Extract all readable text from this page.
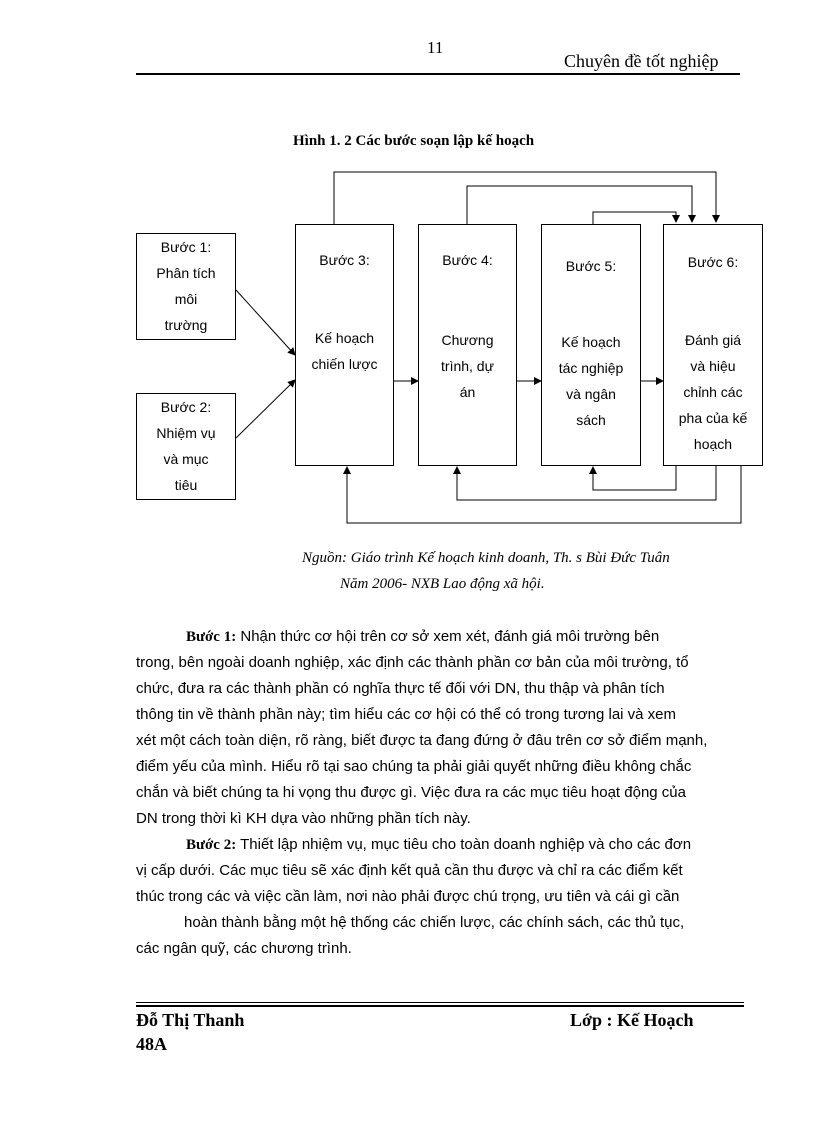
11
Chuyên đề tốt nghiệp
Hình 1. 2 Các bước soạn lập kế hoạch
Bước 1:
Phân tích
môi
trường
Bước 2:
Nhiệm vụ
và mục
tiêu
Bước 3:
Kế hoạch
chiến lược
Bước 4:
Chương
trình, dự
án
Bước 5:
Kế hoạch
tác nghiệp
và ngân
sách
Bước 6:
Đánh giá
và hiệu
chỉnh các
pha của kế
hoạch
Nguồn: Giáo trình Kế hoạch kinh doanh, Th. s Bùi Đức Tuân
Năm 2006- NXB Lao động xã hội.
Bước 1: Nhận thức cơ hội trên cơ sở xem xét, đánh giá môi trường bên
trong, bên ngoài doanh nghiệp, xác định các thành phần cơ bản của môi trường, tổ
chức, đưa ra các thành phần có nghĩa thực tế đối với DN, thu thập và phân tích
thông tin về thành phần này; tìm hiểu các cơ hội có thể có trong tương lai và xem
xét một cách toàn diện, rõ ràng, biết được ta đang đứng ở đâu trên cơ sở điểm mạnh,
điểm yếu của mình. Hiểu rõ tại sao chúng ta phải giải quyết những điều không chắc
chắn và biết chúng ta hi vọng thu được gì. Việc đưa ra các mục tiêu hoạt động của
DN trong thời kì KH dựa vào những phần tích này.
Bước 2: Thiết lập nhiệm vụ, mục tiêu cho toàn doanh nghiệp và cho các đơn
vị cấp dưới. Các mục tiêu sẽ xác định kết quả cần thu được và chỉ ra các điểm kết
thúc trong các và việc cần làm, nơi nào phải được chú trọng, ưu tiên và cái gì cần
hoàn thành bằng một hệ thống các chiến lược, các chính sách, các thủ tục,
các ngân quỹ, các chương trình.
Đỗ Thị Thanh	Lớp : Kế Hoạch
48A
